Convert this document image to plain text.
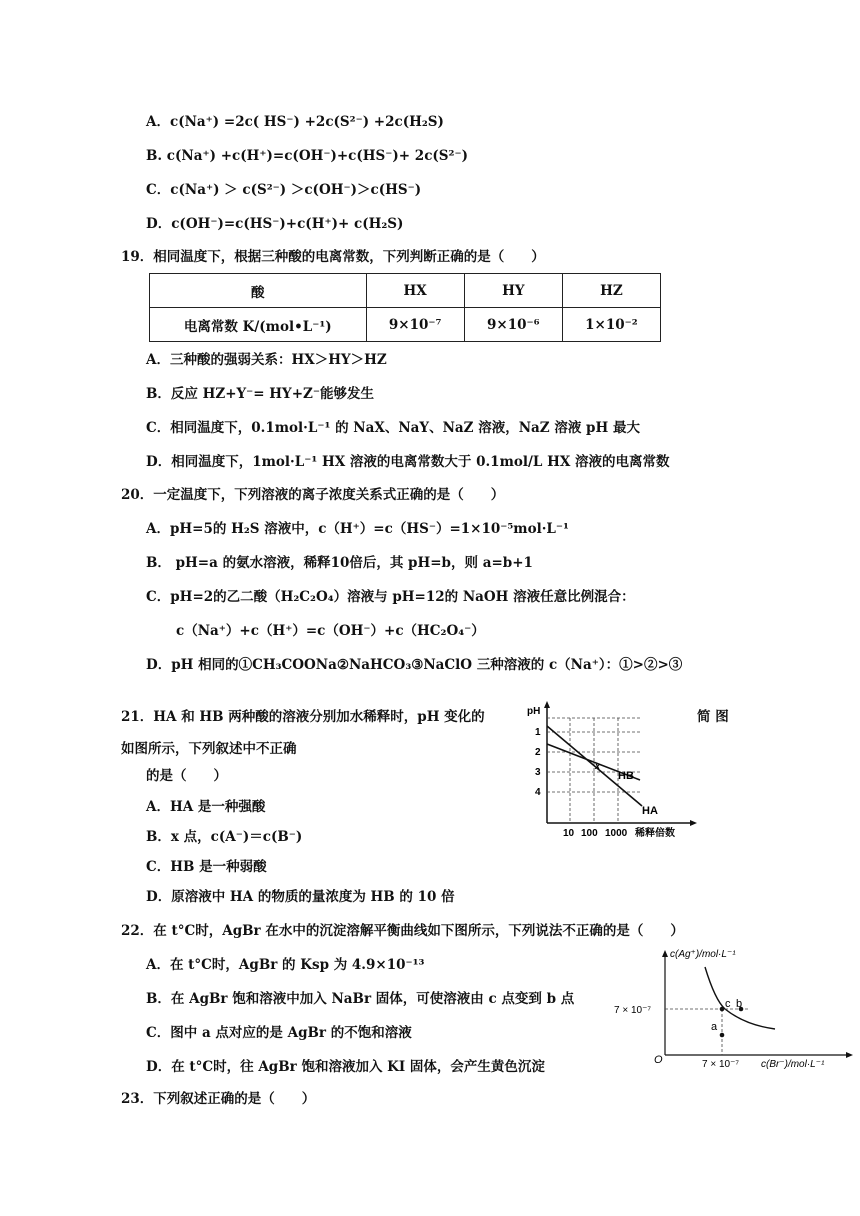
A．c(Na⁺) =2c( HS⁻) +2c(S²⁻) +2c(H₂S)
B. c(Na⁺) +c(H⁺)=c(OH⁻)+c(HS⁻)+ 2c(S²⁻)
C．c(Na⁺) ＞ c(S²⁻) ＞c(OH⁻)＞c(HS⁻)
D．c(OH⁻)=c(HS⁻)+c(H⁺)+ c(H₂S)
19．相同温度下，根据三种酸的电离常数，下列判断正确的是（　　）
酸	HX	HY	HZ
电离常数 K/(mol•L⁻¹)	9×10⁻⁷	9×10⁻⁶	1×10⁻²
A．三种酸的强弱关系：HX＞HY＞HZ
B．反应 HZ+Y⁻= HY+Z⁻能够发生
C．相同温度下，0.1mol·L⁻¹ 的 NaX、NaY、NaZ 溶液，NaZ 溶液 pH 最大
D．相同温度下，1mol·L⁻¹ HX 溶液的电离常数大于 0.1mol/L HX 溶液的电离常数
20．一定温度下，下列溶液的离子浓度关系式正确的是（　　）
A．pH=5的 H₂S 溶液中，c（H⁺）=c（HS⁻）=1×10⁻⁵mol·L⁻¹
B． pH=a 的氨水溶液，稀释10倍后，其 pH=b，则 a=b+1
C．pH=2的乙二酸（H₂C₂O₄）溶液与 pH=12的 NaOH 溶液任意比例混合：
c（Na⁺）+c（H⁺）=c（OH⁻）+c（HC₂O₄⁻）
D．pH 相同的①CH₃COONa②NaHCO₃③NaClO 三种溶液的 c（Na⁺）：①>②>③
21．HA 和 HB 两种酸的溶液分别加水稀释时，pH 变化的	简 图
如图所示，下列叙述中不正确
的是（　　）
A．HA 是一种强酸
B．x 点，c(A⁻)＝c(B⁻)
C．HB 是一种弱酸
D．原溶液中 HA 的物质的量浓度为 HB 的 10 倍
pH
1
2
3
4
10 100 1000 稀释倍数
x
HB
HA
22．在 t°C时，AgBr 在水中的沉淀溶解平衡曲线如下图所示，下列说法不正确的是（　　）
A．在 t°C时，AgBr 的 Ksp 为 4.9×10⁻¹³
B．在 AgBr 饱和溶液中加入 NaBr 固体，可使溶液由 c 点变到 b 点
C．图中 a 点对应的是 AgBr 的不饱和溶液
D．在 t°C时，往 AgBr 饱和溶液加入 KI 固体，会产生黄色沉淀
c b
a
c(Ag⁺)/mol·L⁻¹
7 × 10⁻⁷
7 × 10⁻⁷ c(Br⁻)/mol·L⁻¹
O
23．下列叙述正确的是（　　）
